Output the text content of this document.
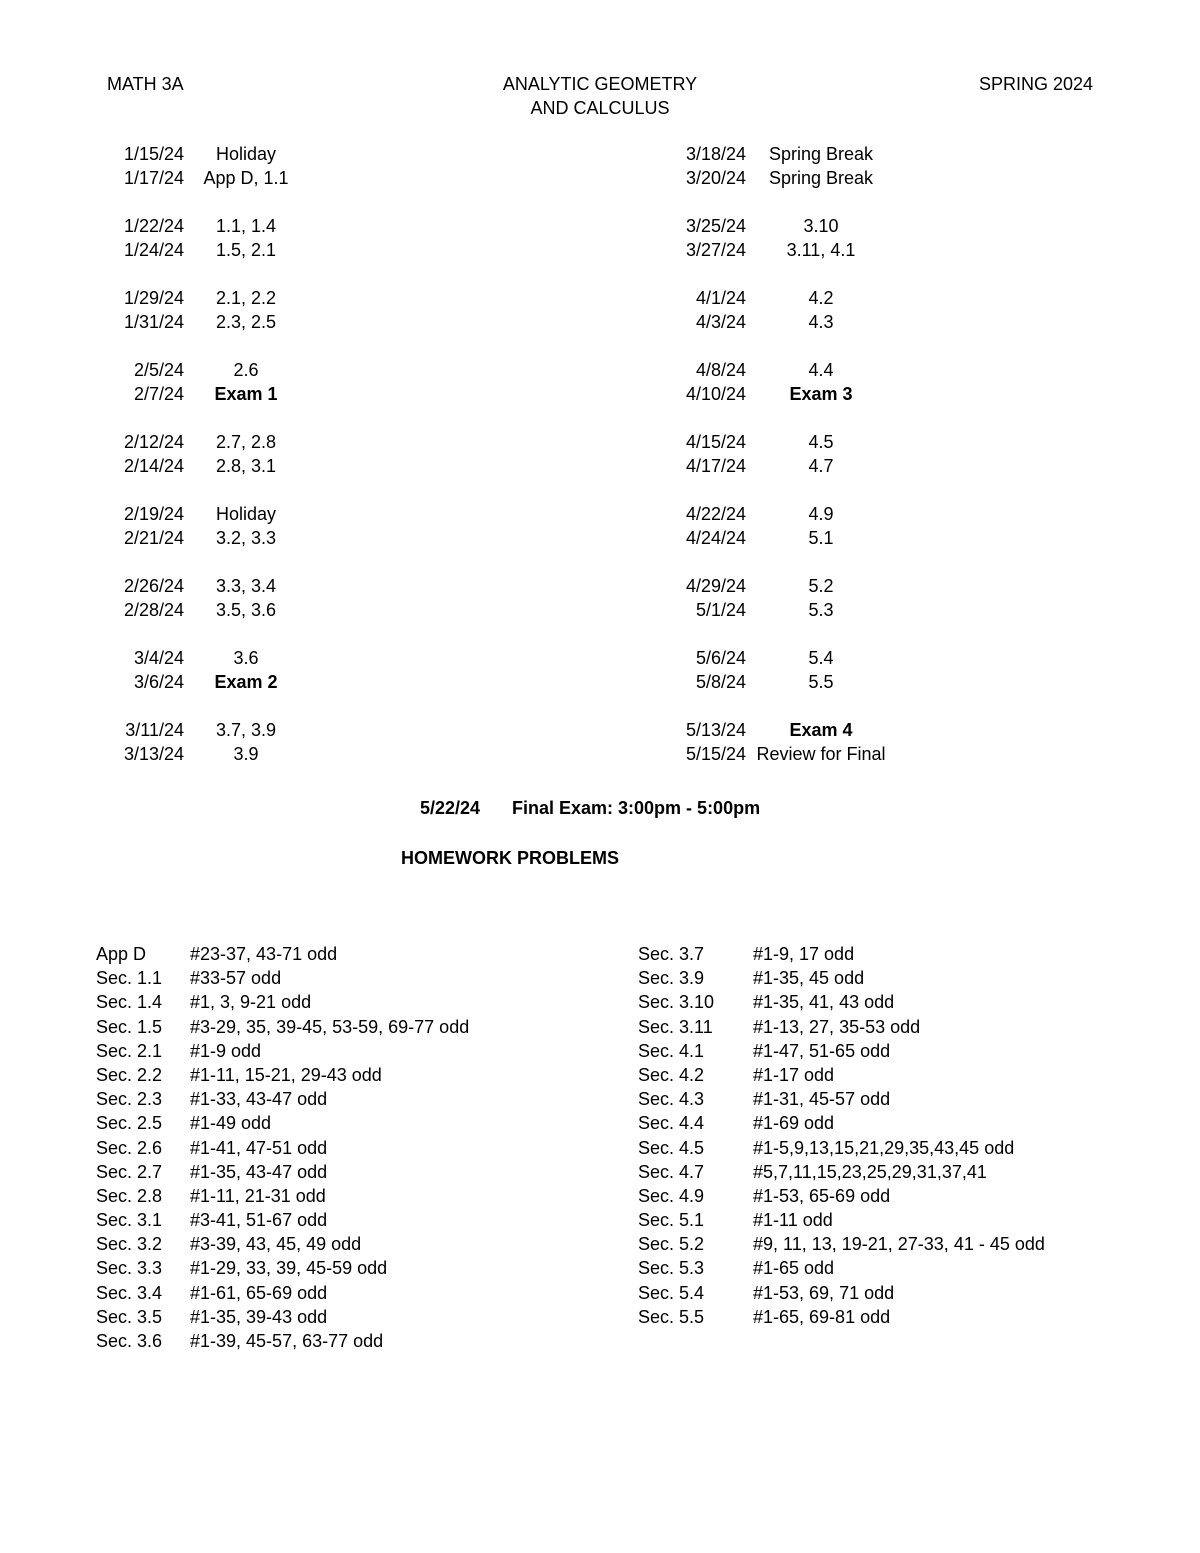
MATH 3A	ANALYTIC GEOMETRY
AND CALCULUS
SPRING 2024
1/15/24	Holiday
1/17/24	App D, 1.1
1/22/24	1.1, 1.4
1/24/24	1.5, 2.1
1/29/24	2.1, 2.2
1/31/24	2.3, 2.5
2/5/24	2.6
2/7/24	Exam 1
2/12/24	2.7, 2.8
2/14/24	2.8, 3.1
2/19/24	Holiday
2/21/24	3.2, 3.3
2/26/24	3.3, 3.4
2/28/24	3.5, 3.6
3/4/24	3.6
3/6/24	Exam 2
3/11/24	3.7, 3.9
3/13/24	3.9
3/18/24	Spring Break
3/20/24	Spring Break
3/25/24	3.10
3/27/24	3.11, 4.1
4/1/24	4.2
4/3/24	4.3
4/8/24	4.4
4/10/24	Exam 3
4/15/24	4.5
4/17/24	4.7
4/22/24	4.9
4/24/24	5.1
4/29/24	5.2
5/1/24	5.3
5/6/24	5.4
5/8/24	5.5
5/13/24	Exam 4
5/15/24 Review for Final
5/22/24 Final Exam: 3:00pm - 5:00pm
HOMEWORK PROBLEMS
App D	#23-37, 43-71 odd
Sec. 1.1	#33-57 odd
Sec. 1.4	#1, 3, 9-21 odd
Sec. 1.5	#3-29, 35, 39-45, 53-59, 69-77 odd
Sec. 2.1	#1-9 odd
Sec. 2.2	#1-11, 15-21, 29-43 odd
Sec. 2.3	#1-33, 43-47 odd
Sec. 2.5	#1-49 odd
Sec. 2.6	#1-41, 47-51 odd
Sec. 2.7	#1-35, 43-47 odd
Sec. 2.8	#1-11, 21-31 odd
Sec. 3.1	#3-41, 51-67 odd
Sec. 3.2	#3-39, 43, 45, 49 odd
Sec. 3.3	#1-29, 33, 39, 45-59 odd
Sec. 3.4	#1-61, 65-69 odd
Sec. 3.5	#1-35, 39-43 odd
Sec. 3.6	#1-39, 45-57, 63-77 odd
Sec. 3.7	#1-9, 17 odd
Sec. 3.9	#1-35, 45 odd
Sec. 3.10	#1-35, 41, 43 odd
Sec. 3.11	#1-13, 27, 35-53 odd
Sec. 4.1	#1-47, 51-65 odd
Sec. 4.2	#1-17 odd
Sec. 4.3	#1-31, 45-57 odd
Sec. 4.4	#1-69 odd
Sec. 4.5	#1-5,9,13,15,21,29,35,43,45 odd
Sec. 4.7	#5,7,11,15,23,25,29,31,37,41
Sec. 4.9	#1-53, 65-69 odd
Sec. 5.1	#1-11 odd
Sec. 5.2	#9, 11, 13, 19-21, 27-33, 41 - 45 odd
Sec. 5.3	#1-65 odd
Sec. 5.4	#1-53, 69, 71 odd
Sec. 5.5	#1-65, 69-81 odd
